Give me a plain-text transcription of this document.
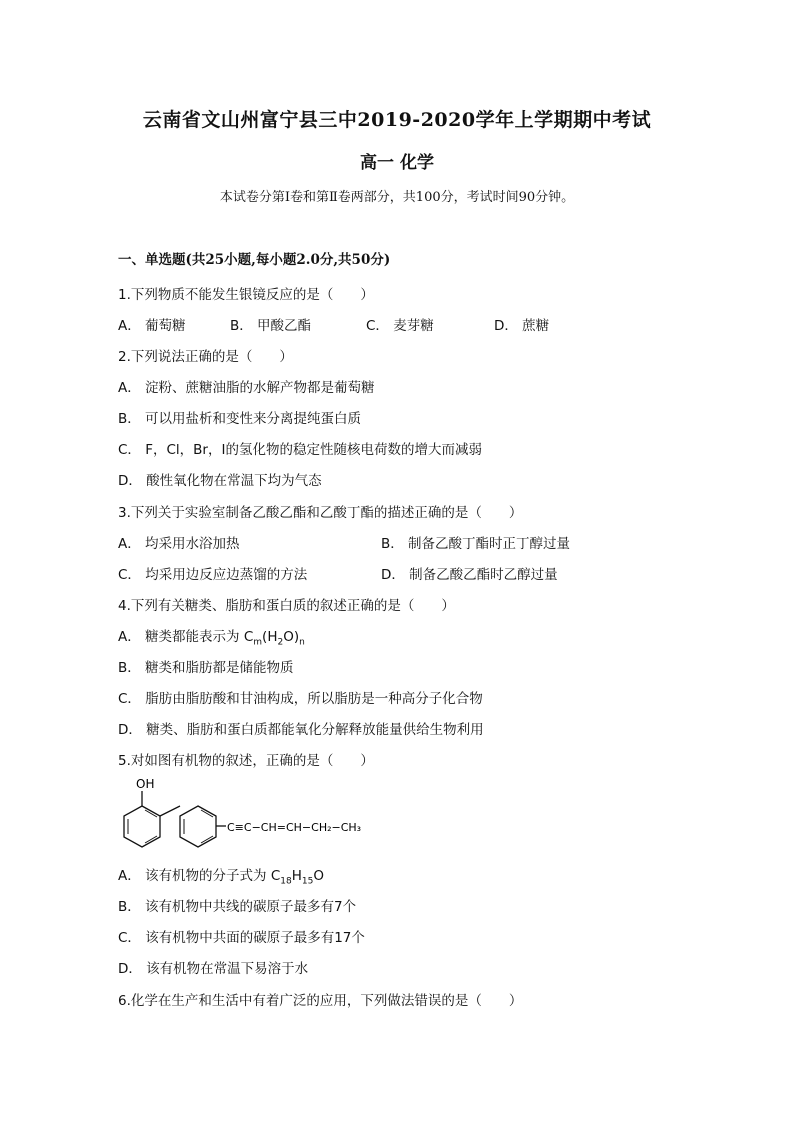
云南省文山州富宁县三中2019-2020学年上学期期中考试
高一 化学
本试卷分第Ⅰ卷和第Ⅱ卷两部分，共100分，考试时间90分钟。
一、单选题(共25小题,每小题2.0分,共50分)
1.下列物质不能发生银镜反应的是（　　）
A． 葡萄糖	B． 甲酸乙酯	C． 麦芽糖	D． 蔗糖
2.下列说法正确的是（　　）
A． 淀粉、蔗糖油脂的水解产物都是葡萄糖
B． 可以用盐析和变性来分离提纯蛋白质
C． F，Cl，Br，I的氢化物的稳定性随核电荷数的增大而减弱
D． 酸性氧化物在常温下均为气态
3.下列关于实验室制备乙酸乙酯和乙酸丁酯的描述正确的是（　　）
A． 均采用水浴加热	B． 制备乙酸丁酯时正丁醇过量
C． 均采用边反应边蒸馏的方法	D． 制备乙酸乙酯时乙醇过量
4.下列有关糖类、脂肪和蛋白质的叙述正确的是（　　）
A． 糖类都能表示为 $C_m(H_2O)_n$
B． 糖类和脂肪都是储能物质
C． 脂肪由脂肪酸和甘油构成，所以脂肪是一种高分子化合物
D． 糖类、脂肪和蛋白质都能氧化分解释放能量供给生物利用
5.对如图有机物的叙述，正确的是（　　）
OH
C≡C−CH=CH−CH₂−CH₃
A． 该有机物的分子式为 $C_{18}H_{15}O$
B． 该有机物中共线的碳原子最多有7个
C． 该有机物中共面的碳原子最多有17个
D． 该有机物在常温下易溶于水
6.化学在生产和生活中有着广泛的应用，下列做法错误的是（　　）
